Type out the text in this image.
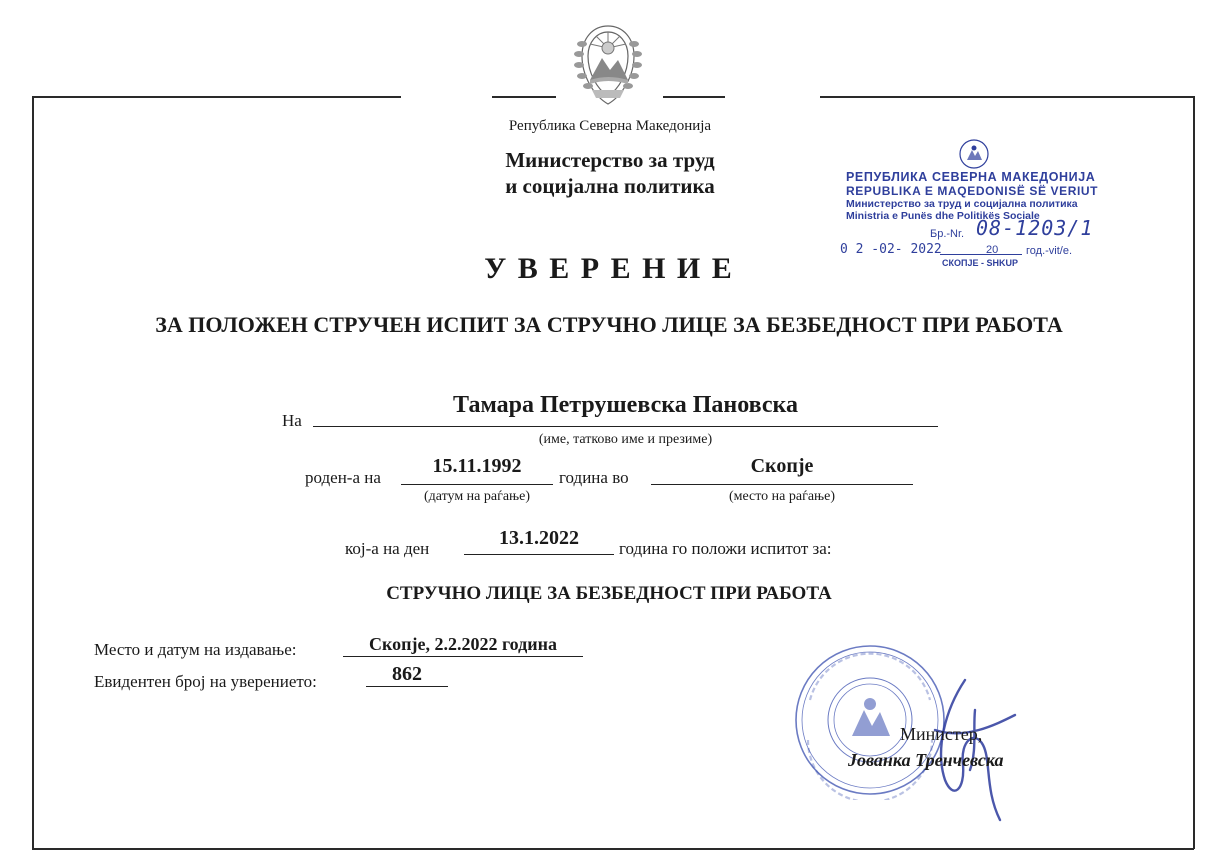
Република Северна Македонија
Министерство за труд
и социјална политика	РЕПУБЛИКА СЕВЕРНА МАКЕДОНИЈА
REPUBLIKA E MAQEDONISË SË VERIUT
Министерство за труд и социјална политика
Ministria e Punës dhe Politikës Sociale
Бр.-Nr. 08-1203/1
0 2 -02- 2022	20	год.-vit/e.
СКОПЈЕ - SHKUP
У В Е Р Е Н И Е
ЗА ПОЛОЖЕН СТРУЧЕН ИСПИТ ЗА СТРУЧНО ЛИЦЕ ЗА БЕЗБЕДНОСТ ПРИ РАБОТА
На
Тамара Петрушевска Пановска
(име, татково име и презиме)
роден-а на
15.11.1992
година во
Скопје
(датум на раѓање)	(место на раѓање)
кој-а на ден	13.1.2022	година го положи испитот за:
СТРУЧНО ЛИЦЕ ЗА БЕЗБЕДНОСТ ПРИ РАБОТА
Место и датум на издавање:	Скопје, 2.2.2022 година
Евидентен број на уверението:	862
Министер,
Јованка Тренчевска
